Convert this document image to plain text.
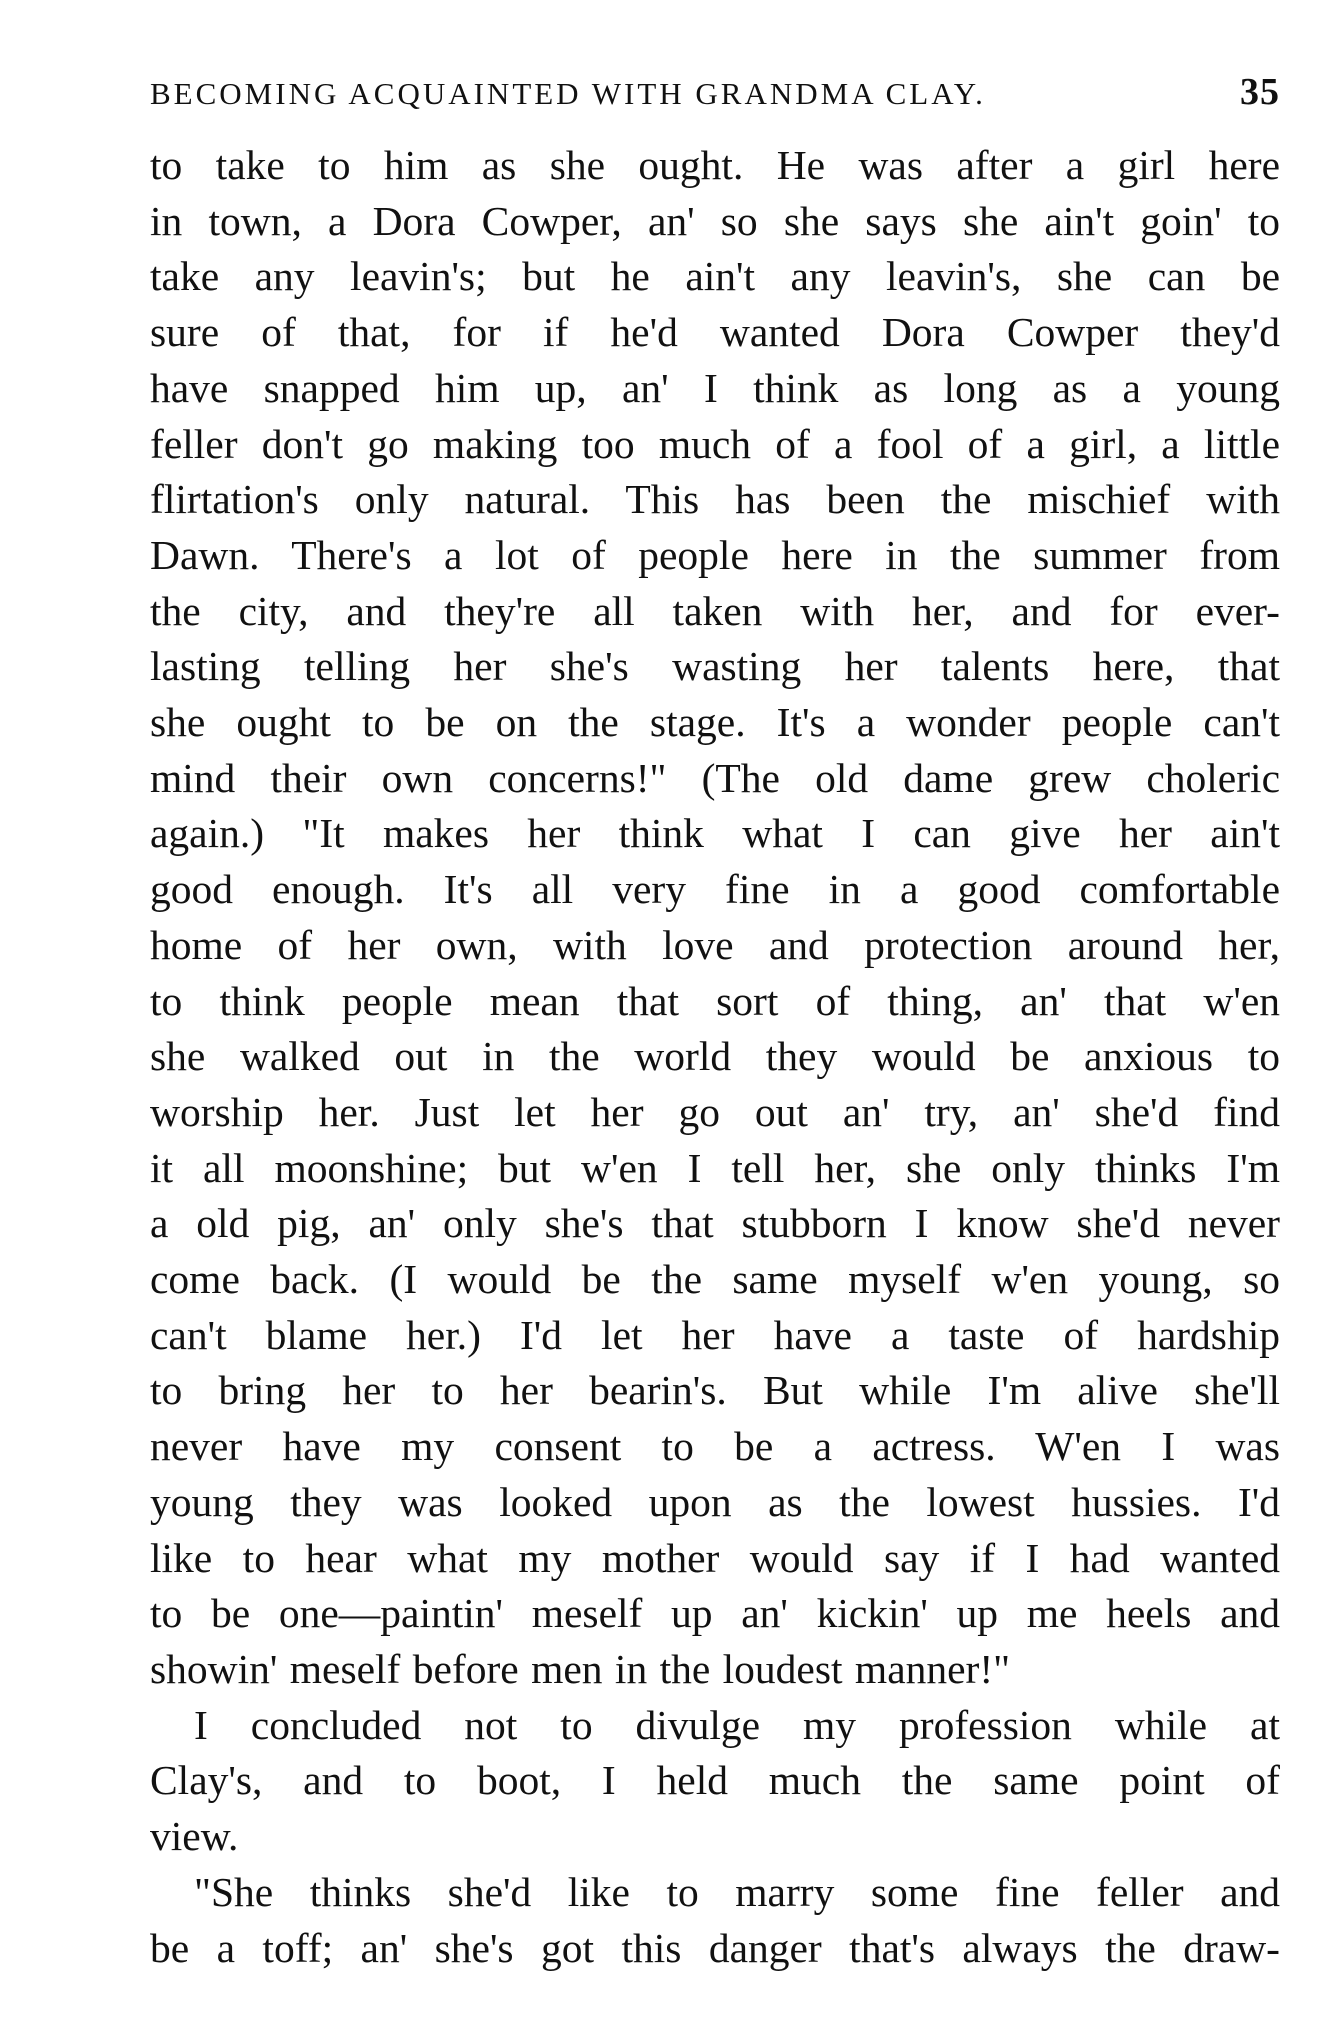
BECOMING ACQUAINTED WITH GRANDMA CLAY.	35
to take to him as she ought. He was after a girl here
in town, a Dora Cowper, an' so she says she ain't goin' to
take any leavin's; but he ain't any leavin's, she can be
sure of that, for if he'd wanted Dora Cowper they'd
have snapped him up, an' I think as long as a young
feller don't go making too much of a fool of a girl, a little
flirtation's only natural. This has been the mischief with
Dawn. There's a lot of people here in the summer from
the city, and they're all taken with her, and for ever-
lasting telling her she's wasting her talents here, that
she ought to be on the stage. It's a wonder people can't
mind their own concerns!" (The old dame grew choleric
again.) "It makes her think what I can give her ain't
good enough. It's all very fine in a good comfortable
home of her own, with love and protection around her,
to think people mean that sort of thing, an' that w'en
she walked out in the world they would be anxious to
worship her. Just let her go out an' try, an' she'd find
it all moonshine; but w'en I tell her, she only thinks I'm
a old pig, an' only she's that stubborn I know she'd never
come back. (I would be the same myself w'en young, so
can't blame her.) I'd let her have a taste of hardship
to bring her to her bearin's. But while I'm alive she'll
never have my consent to be a actress. W'en I was
young they was looked upon as the lowest hussies. I'd
like to hear what my mother would say if I had wanted
to be one—paintin' meself up an' kickin' up me heels and
showin' meself before men in the loudest manner!"
I concluded not to divulge my profession while at
Clay's, and to boot, I held much the same point of
view.
"She thinks she'd like to marry some fine feller and
be a toff; an' she's got this danger that's always the draw-
